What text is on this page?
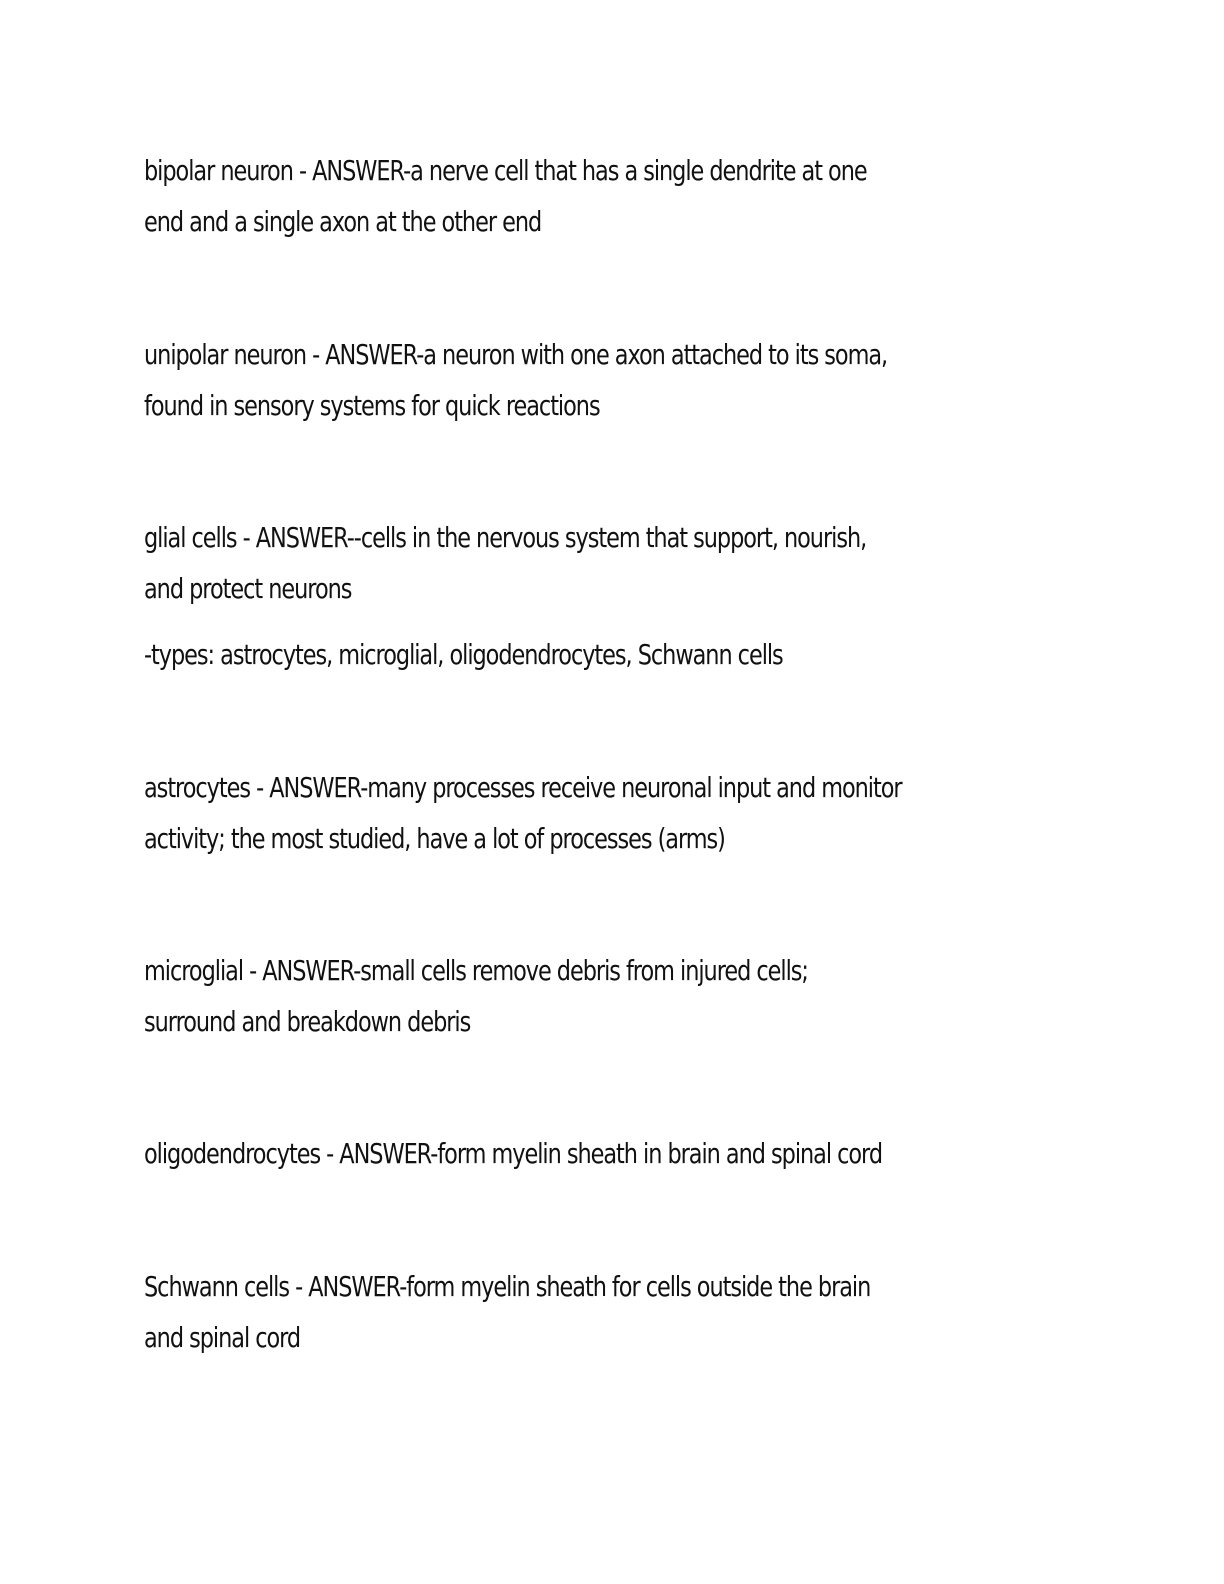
bipolar neuron - ANSWER-a nerve cell that has a single dendrite at one
end and a single axon at the other end

unipolar neuron - ANSWER-a neuron with one axon attached to its soma,
found in sensory systems for quick reactions

glial cells - ANSWER--cells in the nervous system that support, nourish,
and protect neurons

-types: astrocytes, microglial, oligodendrocytes, Schwann cells

astrocytes - ANSWER-many processes receive neuronal input and monitor
activity; the most studied, have a lot of processes (arms)

microglial - ANSWER-small cells remove debris from injured cells;
surround and breakdown debris

oligodendrocytes - ANSWER-form myelin sheath in brain and spinal cord

Schwann cells - ANSWER-form myelin sheath for cells outside the brain
and spinal cord
